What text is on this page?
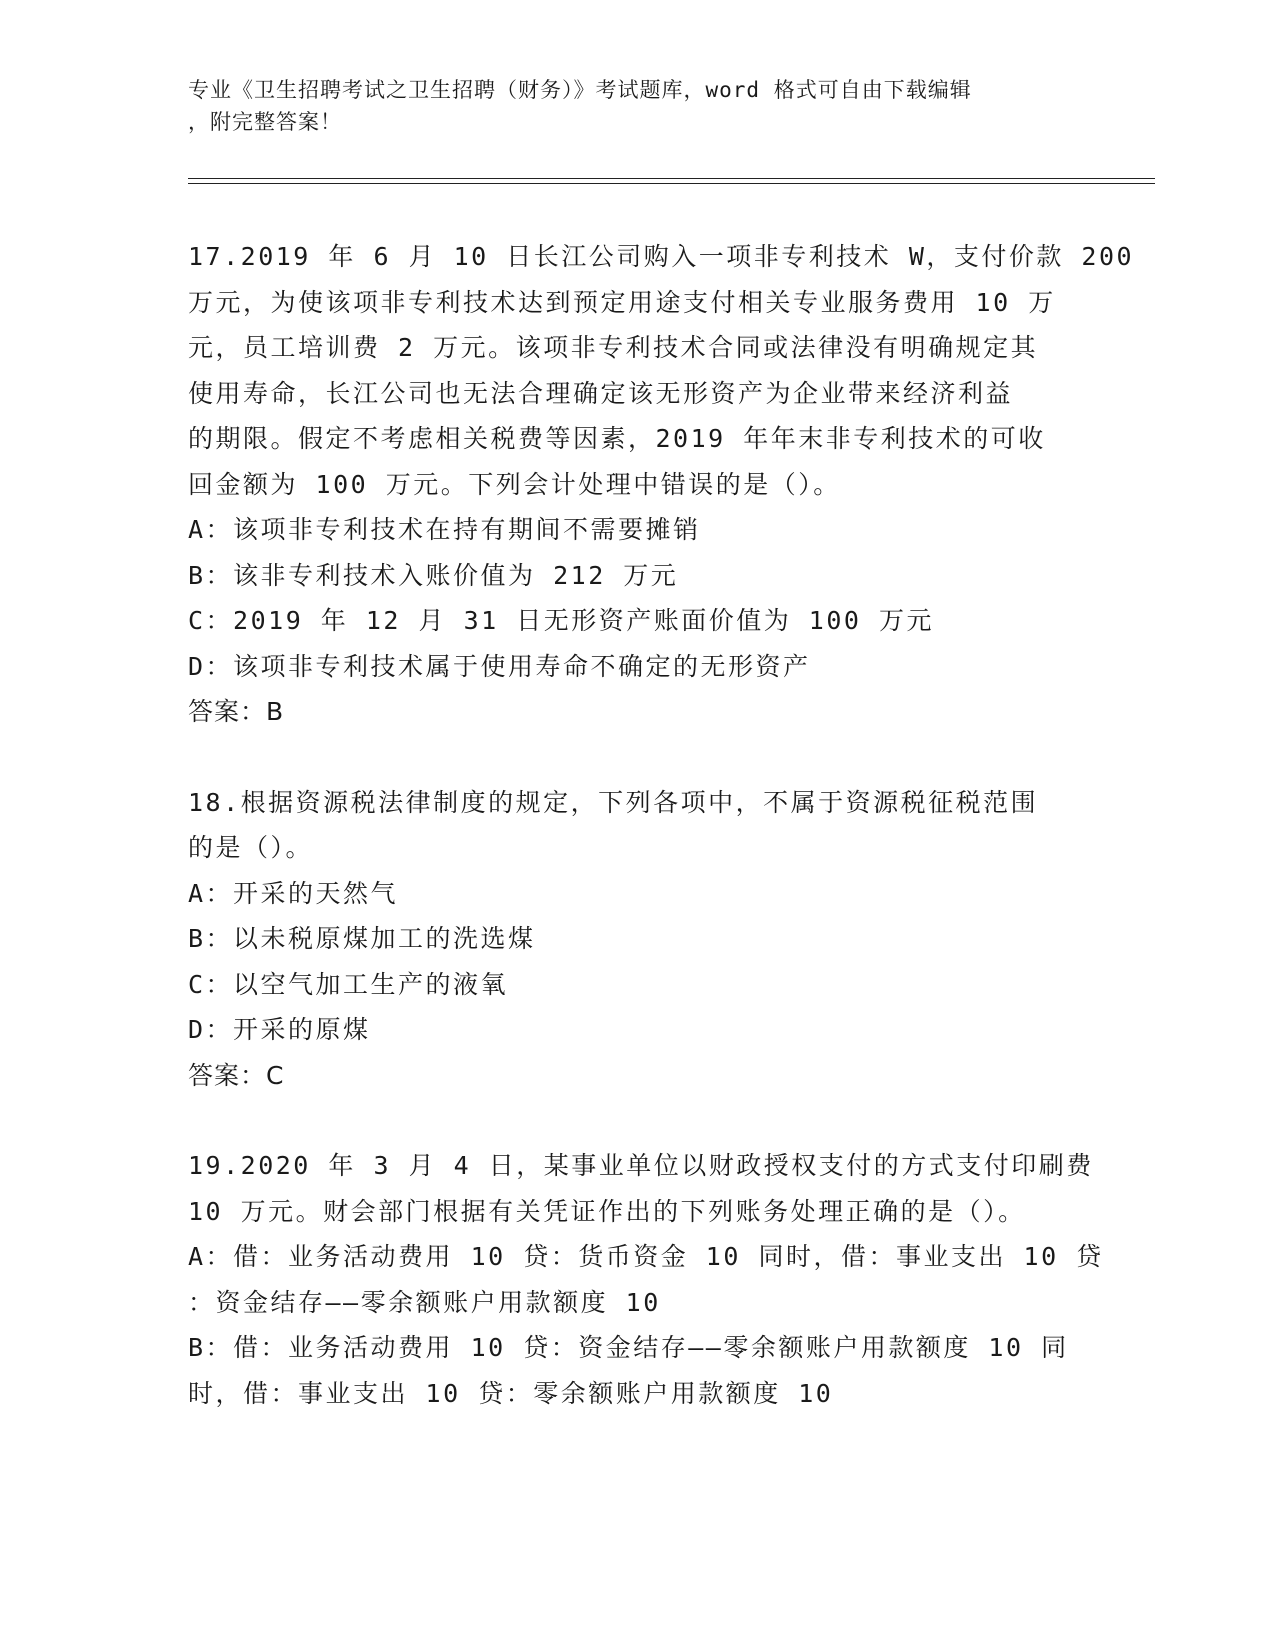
专业《卫生招聘考试之卫生招聘（财务）》考试题库，word 格式可自由下载编辑
，附完整答案！
17.2019 年 6 月 10 日长江公司购入一项非专利技术 W，支付价款 200
万元，为使该项非专利技术达到预定用途支付相关专业服务费用 10 万
元，员工培训费 2 万元。该项非专利技术合同或法律没有明确规定其
使用寿命，长江公司也无法合理确定该无形资产为企业带来经济利益
的期限。假定不考虑相关税费等因素，2019 年年末非专利技术的可收
回金额为 100 万元。下列会计处理中错误的是（）。
A：该项非专利技术在持有期间不需要摊销
B：该非专利技术入账价值为 212 万元
C：2019 年 12 月 31 日无形资产账面价值为 100 万元
D：该项非专利技术属于使用寿命不确定的无形资产
答案：B
18.根据资源税法律制度的规定，下列各项中，不属于资源税征税范围
的是（）。
A：开采的天然气
B：以未税原煤加工的洗选煤
C：以空气加工生产的液氧
D：开采的原煤
答案：C
19.2020 年 3 月 4 日，某事业单位以财政授权支付的方式支付印刷费
10 万元。财会部门根据有关凭证作出的下列账务处理正确的是（）。
A：借：业务活动费用 10 贷：货币资金 10 同时，借：事业支出 10 贷
：资金结存——零余额账户用款额度 10
B：借：业务活动费用 10 贷：资金结存——零余额账户用款额度 10 同
时，借：事业支出 10 贷：零余额账户用款额度 10
